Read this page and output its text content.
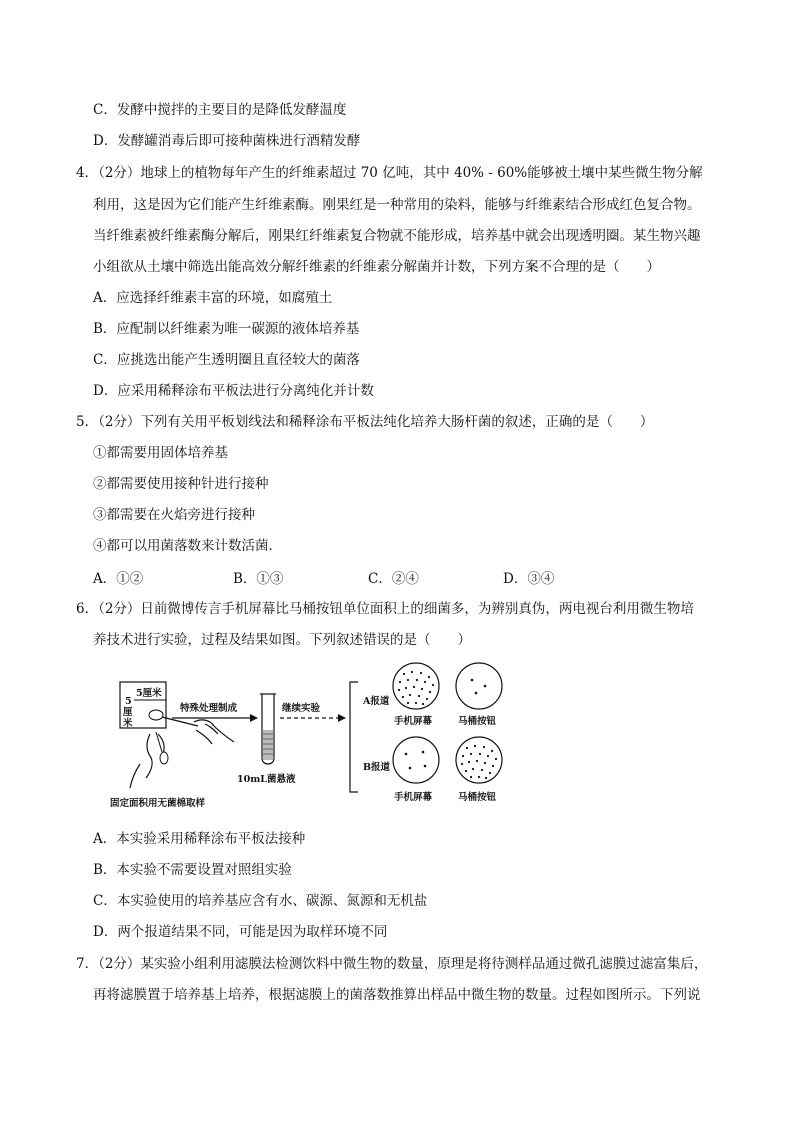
C．发酵中搅拌的主要目的是降低发酵温度
D．发酵罐消毒后即可接种菌株进行酒精发酵
4．（2分）地球上的植物每年产生的纤维素超过 70 亿吨，其中 40% - 60%能够被土壤中某些微生物分解
利用，这是因为它们能产生纤维素酶。刚果红是一种常用的染料，能够与纤维素结合形成红色复合物。
当纤维素被纤维素酶分解后，刚果红纤维素复合物就不能形成，培养基中就会出现透明圈。某生物兴趣
小组欲从土壤中筛选出能高效分解纤维素的纤维素分解菌并计数，下列方案不合理的是（　　）
A．应选择纤维素丰富的环境，如腐殖土
B．应配制以纤维素为唯一碳源的液体培养基
C．应挑选出能产生透明圈且直径较大的菌落
D．应采用稀释涂布平板法进行分离纯化并计数
5．（2分）下列有关用平板划线法和稀释涂布平板法纯化培养大肠杆菌的叙述，正确的是（　　）
①都需要用固体培养基
②都需要使用接种针进行接种
③都需要在火焰旁进行接种
④都可以用菌落数来计数活菌．
A．①②	B．①③	C．②④	D．③④
6．（2分）日前微博传言手机屏幕比马桶按钮单位面积上的细菌多，为辨别真伪，两电视台利用微生物培
养技术进行实验，过程及结果如图。下列叙述错误的是（　　）
5厘米
5
厘
米
固定面积用无菌棉取样
特殊处理制成
10mL菌悬液
继续实验
A报道
B报道
手机屏幕	马桶按钮
手机屏幕	马桶按钮
A．本实验采用稀释涂布平板法接种
B．本实验不需要设置对照组实验
C．本实验使用的培养基应含有水、碳源、氮源和无机盐
D．两个报道结果不同，可能是因为取样环境不同
7．（2分）某实验小组利用滤膜法检测饮料中微生物的数量，原理是将待测样品通过微孔滤膜过滤富集后，
再将滤膜置于培养基上培养，根据滤膜上的菌落数推算出样品中微生物的数量。过程如图所示。下列说
